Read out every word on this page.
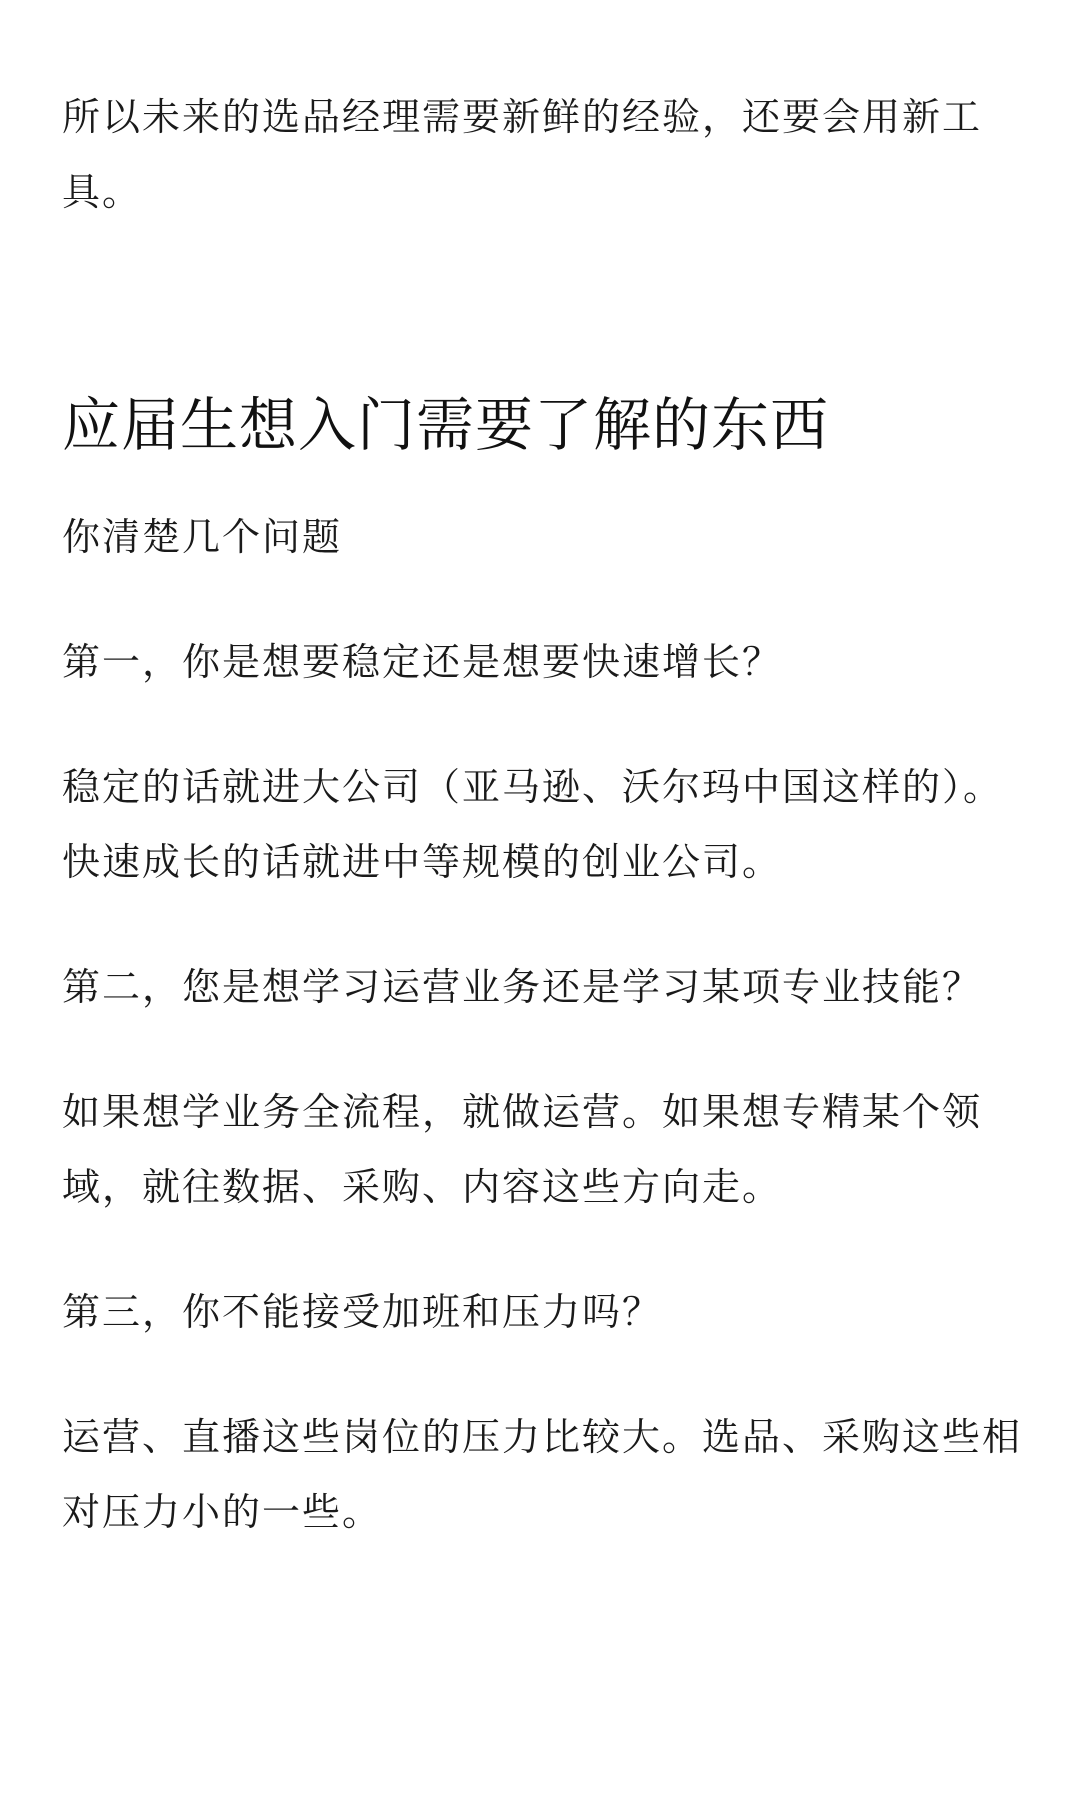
所以未来的选品经理需要新鲜的经验，还要会用新工具。

应届生想入门需要了解的东西

你清楚几个问题

第一，你是想要稳定还是想要快速增长？

稳定的话就进大公司（亚马逊、沃尔玛中国这样的）。快速成长的话就进中等规模的创业公司。

第二，您是想学习运营业务还是学习某项专业技能？

如果想学业务全流程，就做运营。如果想专精某个领域，就往数据、采购、内容这些方向走。

第三，你不能接受加班和压力吗？

运营、直播这些岗位的压力比较大。选品、采购这些相对压力小的一些。
